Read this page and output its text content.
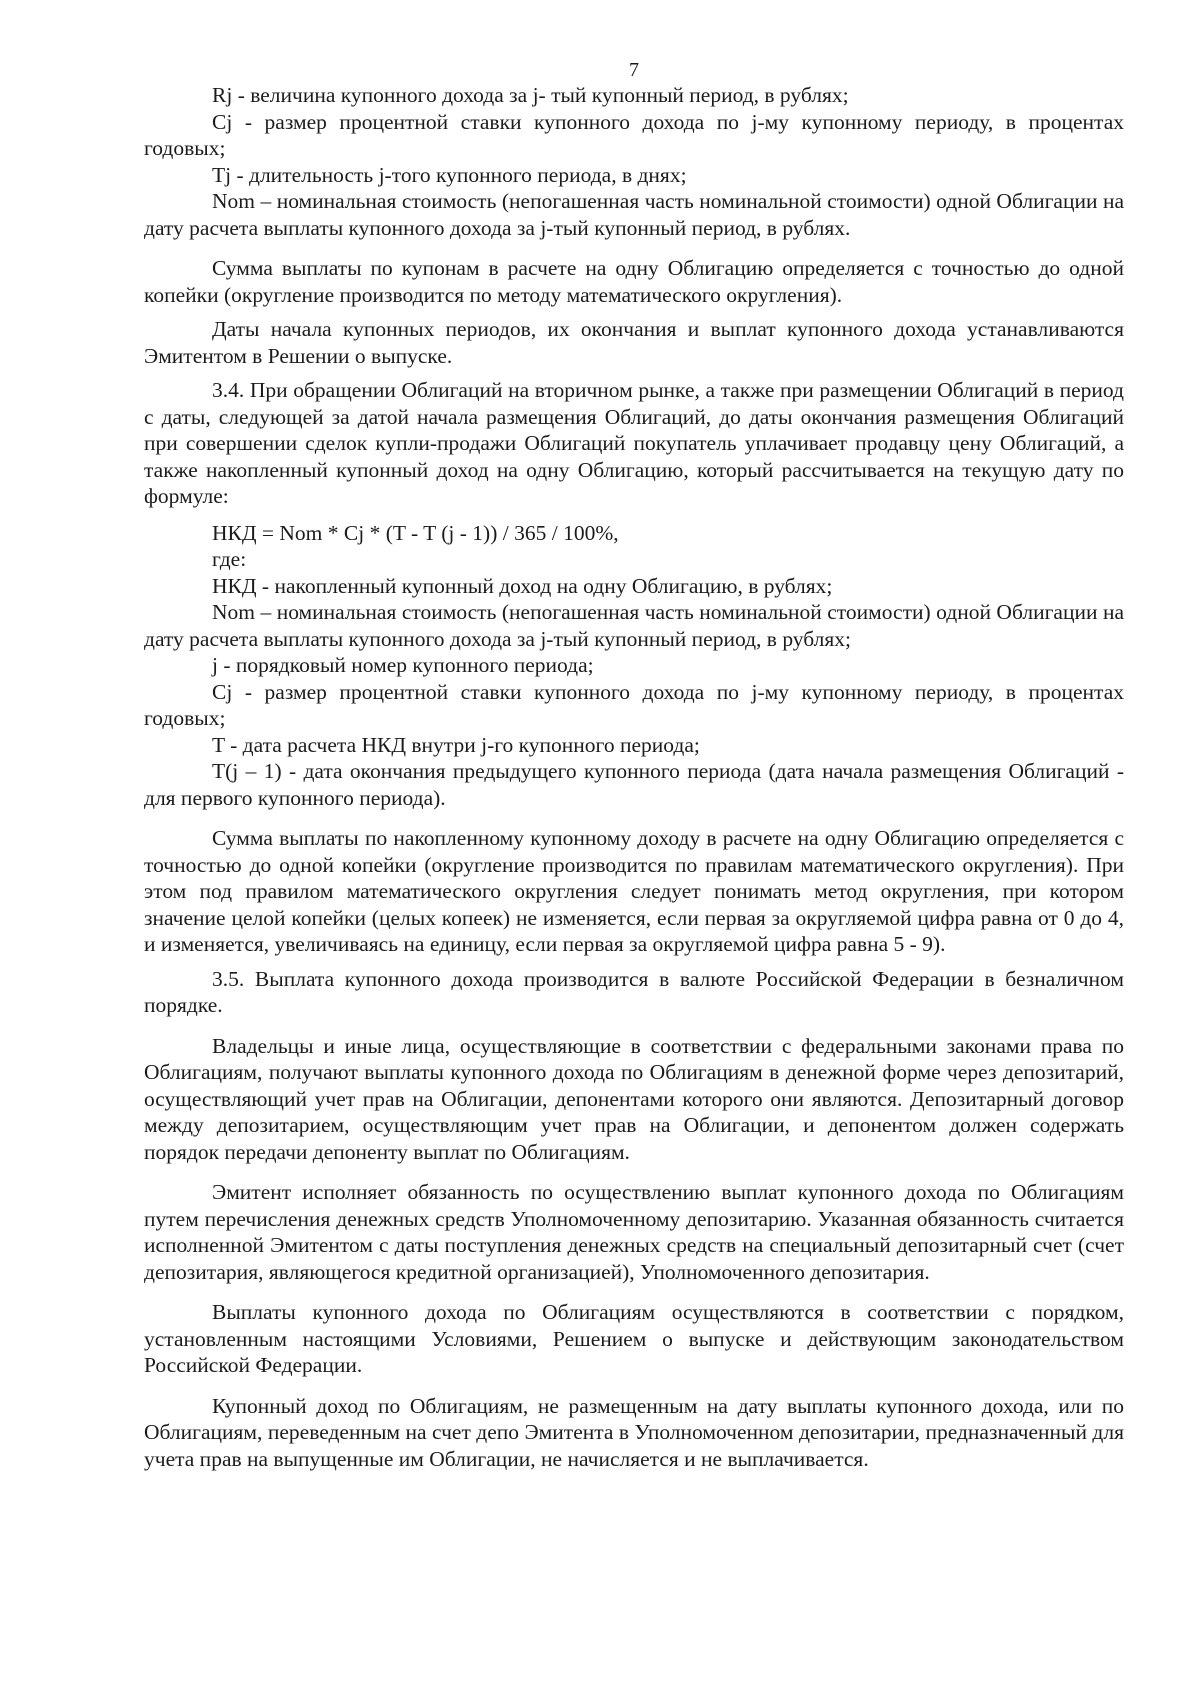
7

Rj - величина купонного дохода за j- тый купонный период, в рублях;

Cj - размер процентной ставки купонного дохода по j-му купонному периоду, в процентах годовых;

Tj - длительность j-того купонного периода, в днях;

Nom – номинальная стоимость (непогашенная часть номинальной стоимости) одной Облигации на дату расчета выплаты купонного дохода за j-тый купонный период, в рублях.

Сумма выплаты по купонам в расчете на одну Облигацию определяется с точностью до одной копейки (округление производится по методу математического округления).

Даты начала купонных периодов, их окончания и выплат купонного дохода устанавливаются Эмитентом в Решении о выпуске.

3.4. При обращении Облигаций на вторичном рынке, а также при размещении Облигаций в период с даты, следующей за датой начала размещения Облигаций, до даты окончания размещения Облигаций при совершении сделок купли-продажи Облигаций покупатель уплачивает продавцу цену Облигаций, а также накопленный купонный доход на одну Облигацию, который рассчитывается на текущую дату по формуле:

НКД = Nom * Cj * (T - T (j - 1)) / 365 / 100%,

где:

НКД - накопленный купонный доход на одну Облигацию, в рублях;

Nom – номинальная стоимость (непогашенная часть номинальной стоимости) одной Облигации на дату расчета выплаты купонного дохода за j-тый купонный период, в рублях;

j - порядковый номер купонного периода;

Cj - размер процентной ставки купонного дохода по j-му купонному периоду, в процентах годовых;

T - дата расчета НКД внутри j-го купонного периода;

T(j – 1) - дата окончания предыдущего купонного периода (дата начала размещения Облигаций - для первого купонного периода).

Сумма выплаты по накопленному купонному доходу в расчете на одну Облигацию определяется с точностью до одной копейки (округление производится по правилам математического округления). При этом под правилом математического округления следует понимать метод округления, при котором значение целой копейки (целых копеек) не изменяется, если первая за округляемой цифра равна от 0 до 4, и изменяется, увеличиваясь на единицу, если первая за округляемой цифра равна 5 - 9).

3.5. Выплата купонного дохода производится в валюте Российской Федерации в безналичном порядке.

Владельцы и иные лица, осуществляющие в соответствии с федеральными законами права по Облигациям, получают выплаты купонного дохода по Облигациям в денежной форме через депозитарий, осуществляющий учет прав на Облигации, депонентами которого они являются. Депозитарный договор между депозитарием, осуществляющим учет прав на Облигации, и депонентом должен содержать порядок передачи депоненту выплат по Облигациям.

Эмитент исполняет обязанность по осуществлению выплат купонного дохода по Облигациям путем перечисления денежных средств Уполномоченному депозитарию. Указанная обязанность считается исполненной Эмитентом с даты поступления денежных средств на специальный депозитарный счет (счет депозитария, являющегося кредитной организацией), Уполномоченного депозитария.

Выплаты купонного дохода по Облигациям осуществляются в соответствии с порядком, установленным настоящими Условиями, Решением о выпуске и действующим законодательством Российской Федерации.

Купонный доход по Облигациям, не размещенным на дату выплаты купонного дохода, или по Облигациям, переведенным на счет депо Эмитента в Уполномоченном депозитарии, предназначенный для учета прав на выпущенные им Облигации, не начисляется и не выплачивается.
